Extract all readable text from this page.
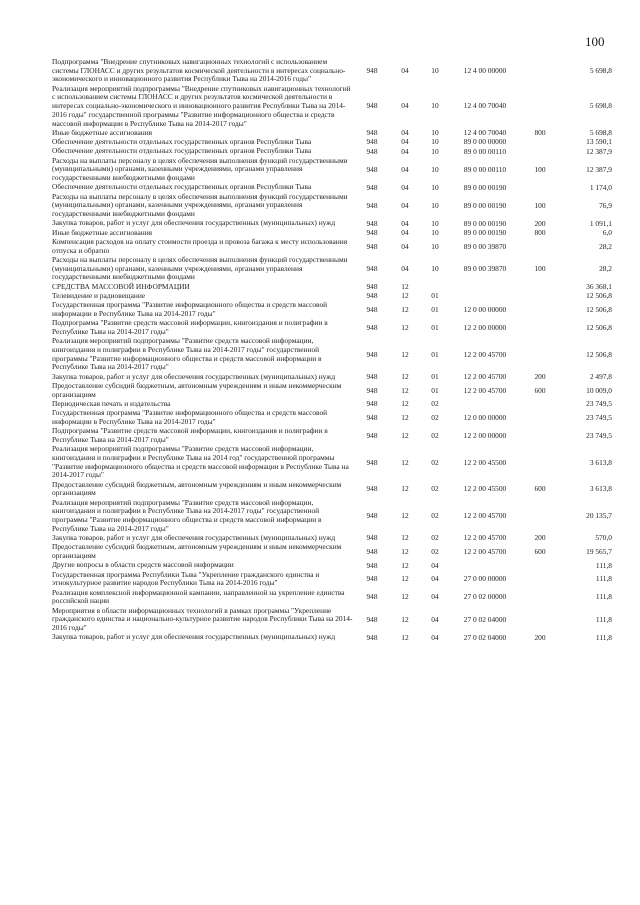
100
Подпрограмма "Внедрение спутниковых навигационных технологий с использованием системы ГЛОНАСС и других результатов космической деятельности в интересах социально-экономического и инновационного развития Республики Тыва на 2014-2016 годы"	948	04	10	12 4 00 00000		5 698,8
Реализация мероприятий подпрограммы "Внедрение спутниковых навигационных технологий с использованием системы ГЛОНАСС и других результатов космической деятельности в интересах социально-экономического и инновационного развития Республики Тыва на 2014-2016 годы" государственной программы "Развитие информационного общества и средств массовой информации в Республике Тыва на 2014-2017 годы"	948	04	10	12 4 00 70040		5 698,8
Иные бюджетные ассигнования	948	04	10	12 4 00 70040	800	5 698,8
Обеспечение деятельности отдельных государственных органов Республики Тыва	948	04	10	89 0 00 00000		13 590,1
Обеспечение деятельности отдельных государственных органов Республики Тыва	948	04	10	89 0 00 00110		12 387,9
Расходы на выплаты персоналу в целях обеспечения выполнения функций государственными (муниципальными) органами, казенными учреждениями, органами управления государственными внебюджетными фондами	948	04	10	89 0 00 00110	100	12 387,9
Обеспечение деятельности отдельных государственных органов Республики Тыва	948	04	10	89 0 00 00190		1 174,0
Расходы на выплаты персоналу в целях обеспечения выполнения функций государственными (муниципальными) органами, казенными учреждениями, органами управления государственными внебюджетными фондами	948	04	10	89 0 00 00190	100	76,9
Закупка товаров, работ и услуг для обеспечения государственных (муниципальных) нужд	948	04	10	89 0 00 00190	200	1 091,1
Иные бюджетные ассигнования	948	04	10	89 0 00 00190	800	6,0
Компенсация расходов на оплату стоимости проезда и провоза багажа к месту использования отпуска и обратно	948	04	10	89 0 00 39870		28,2
Расходы на выплаты персоналу в целях обеспечения выполнения функций государственными (муниципальными) органами, казенными учреждениями, органами управления государственными внебюджетными фондами	948	04	10	89 0 00 39870	100	28,2
СРЕДСТВА МАССОВОЙ ИНФОРМАЦИИ	948	12				36 368,1
Телевидение и радиовещание	948	12	01			12 506,8
Государственная программа "Развитие информационного общества и средств массовой информации в Республике Тыва на 2014-2017 годы"	948	12	01	12 0 00 00000		12 506,8
Подпрограмма "Развитие средств массовой информации, книгоиздания и полиграфии в Республике Тыва на 2014-2017 годы"	948	12	01	12 2 00 00000		12 506,8
Реализация мероприятий подпрограммы "Развитие средств массовой информации, книгоиздания и полиграфии в Республике Тыва на 2014-2017 годы" государственной программы "Развитие информационного общества и средств массовой информации в Республике Тыва на 2014-2017 годы"	948	12	01	12 2 00 45700		12 506,8
Закупка товаров, работ и услуг для обеспечения государственных (муниципальных) нужд	948	12	01	12 2 00 45700	200	2 497,8
Предоставление субсидий бюджетным, автономным учреждениям и иным некоммерческим организациям	948	12	01	12 2 00 45700	600	10 009,0
Периодическая печать и издательства	948	12	02			23 749,5
Государственная программа "Развитие информационного общества и средств массовой информации в Республике Тыва на 2014-2017 годы"	948	12	02	12 0 00 00000		23 749,5
Подпрограмма "Развитие средств массовой информации, книгоиздания и полиграфии в Республике Тыва на 2014-2017 годы"	948	12	02	12 2 00 00000		23 749,5
Реализация мероприятий подпрограммы "Развитие средств массовой информации, книгоиздания и полиграфии в Республике Тыва на 2014 год" государственной программы "Развитие информационного общества и средств массовой информации в Республике Тыва на 2014-2017 годы"	948	12	02	12 2 00 45500		3 613,8
Предоставление субсидий бюджетным, автономным учреждениям и иным некоммерческим организациям	948	12	02	12 2 00 45500	600	3 613,8
Реализация мероприятий подпрограммы "Развитие средств массовой информации, книгоиздания и полиграфии в Республике Тыва на 2014-2017 годы" государственной программы "Развитие информационного общества и средств массовой информации в Республике Тыва на 2014-2017 годы"	948	12	02	12 2 00 45700		20 135,7
Закупка товаров, работ и услуг для обеспечения государственных (муниципальных) нужд	948	12	02	12 2 00 45700	200	570,0
Предоставление субсидий бюджетным, автономным учреждениям и иным некоммерческим организациям	948	12	02	12 2 00 45700	600	19 565,7
Другие вопросы в области средств массовой информации	948	12	04			111,8
Государственная программа Республики Тыва "Укрепление гражданского единства и этнокультурное развитие народов Республики Тыва на 2014-2016 годы"	948	12	04	27 0 00 00000		111,8
Реализация комплексной информационной кампании, направленной на укрепление единства российской нации	948	12	04	27 0 02 00000		111,8
Мероприятия в области информационных технологий в рамках программы "Укрепление гражданского единства и национально-культурное развитие народов Республики Тыва на 2014-2016 годы"	948	12	04	27 0 02 04000		111,8
Закупка товаров, работ и услуг для обеспечения государственных (муниципальных) нужд	948	12	04	27 0 02 04000	200	111,8
